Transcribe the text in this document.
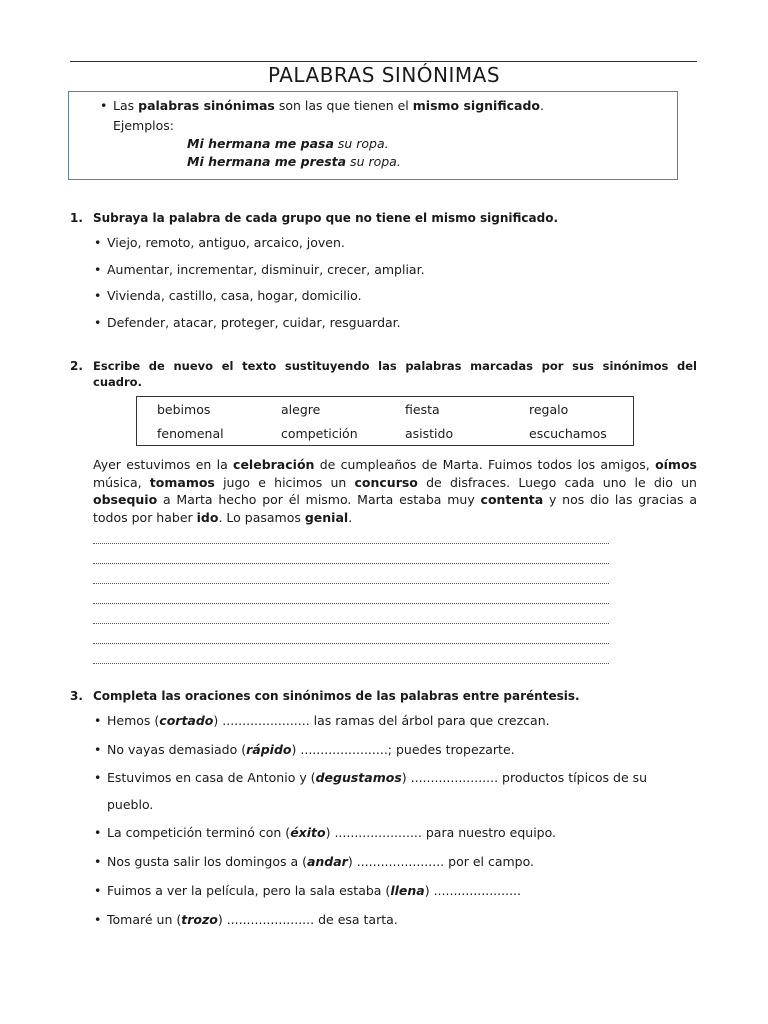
PALABRAS SINÓNIMAS
• Las palabras sinónimas son las que tienen el mismo significado.
Ejemplos:
Mi hermana me pasa su ropa.
Mi hermana me presta su ropa.
1. Subraya la palabra de cada grupo que no tiene el mismo significado.
• Viejo, remoto, antiguo, arcaico, joven.
• Aumentar, incrementar, disminuir, crecer, ampliar.
• Vivienda, castillo, casa, hogar, domicilio.
• Defender, atacar, proteger, cuidar, resguardar.
2. Escribe de nuevo el texto sustituyendo las palabras marcadas por sus sinónimos del
cuadro.
bebimos	alegre	fiesta	regalo
fenomenal	competición	asistido	escuchamos
Ayer estuvimos en la celebración de cumpleaños de Marta. Fuimos todos los amigos, oímos música, tomamos jugo e hicimos un concurso de disfraces. Luego cada uno le dio un obsequio a Marta hecho por él mismo. Marta estaba muy contenta y nos dio las gracias a todos por haber ido. Lo pasamos genial.
3. Completa las oraciones con sinónimos de las palabras entre paréntesis.
• Hemos (cortado) ...................... las ramas del árbol para que crezcan.
• No vayas demasiado (rápido) ......................; puedes tropezarte.
• Estuvimos en casa de Antonio y (degustamos) ...................... productos típicos de su
pueblo.
• La competición terminó con (éxito) ...................... para nuestro equipo.
• Nos gusta salir los domingos a (andar) ...................... por el campo.
• Fuimos a ver la película, pero la sala estaba (llena) ......................
• Tomaré un (trozo) ...................... de esa tarta.
